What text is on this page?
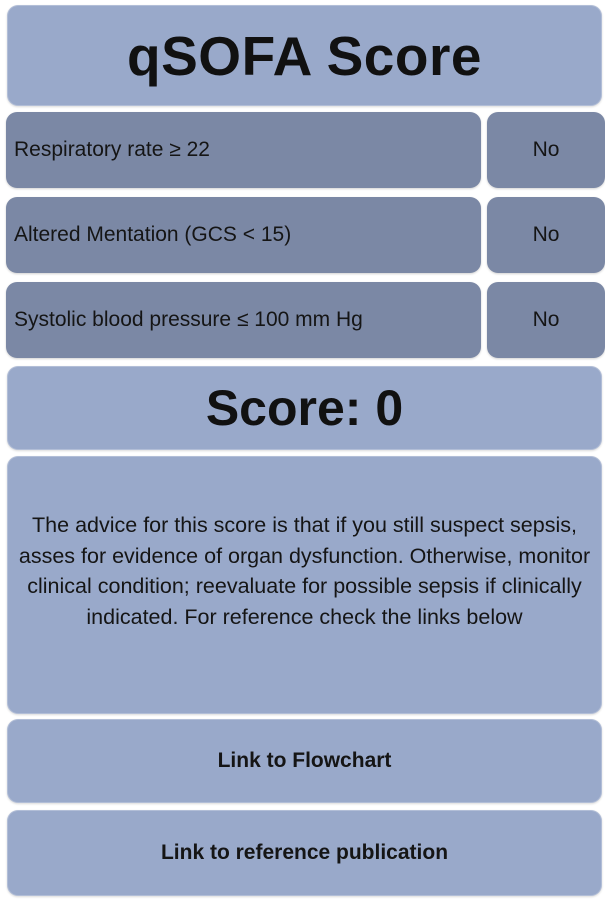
qSOFA Score
Respiratory rate ≥ 22	No
Altered Mentation (GCS < 15)	No
Systolic blood pressure ≤ 100 mm Hg	No
Score: 0
The advice for this score is that if you still suspect sepsis, asses for evidence of organ dysfunction. Otherwise, monitor clinical condition; reevaluate for possible sepsis if clinically indicated. For reference check the links below
Link to Flowchart
Link to reference publication
